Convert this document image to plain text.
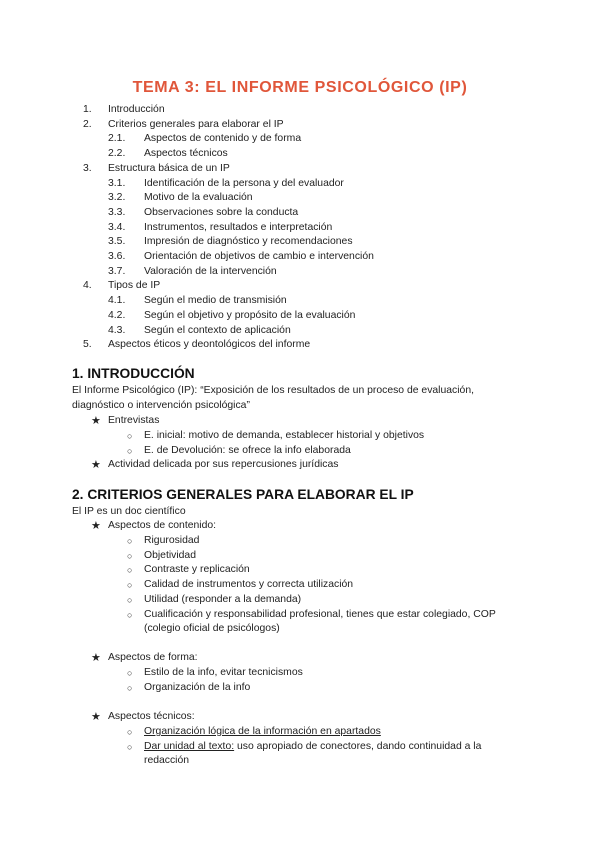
TEMA 3: EL INFORME PSICOLÓGICO (IP)
1. Introducción
2. Criterios generales para elaborar el IP
2.1. Aspectos de contenido y de forma
2.2. Aspectos técnicos
3. Estructura básica de un IP
3.1. Identificación de la persona y del evaluador
3.2. Motivo de la evaluación
3.3. Observaciones sobre la conducta
3.4. Instrumentos, resultados e interpretación
3.5. Impresión de diagnóstico y recomendaciones
3.6. Orientación de objetivos de cambio e intervención
3.7. Valoración de la intervención
4. Tipos de IP
4.1. Según el medio de transmisión
4.2. Según el objetivo y propósito de la evaluación
4.3. Según el contexto de aplicación
5. Aspectos éticos y deontológicos del informe
1. INTRODUCCIÓN
El Informe Psicológico (IP): “Exposición de los resultados de un proceso de evaluación,
diagnóstico o intervención psicológica”
★ Entrevistas
○ E. inicial: motivo de demanda, establecer historial y objetivos
○ E. de Devolución: se ofrece la info elaborada
★ Actividad delicada por sus repercusiones jurídicas
2. CRITERIOS GENERALES PARA ELABORAR EL IP
El IP es un doc científico
★ Aspectos de contenido:
○ Rigurosidad
○ Objetividad
○ Contraste y replicación
○ Calidad de instrumentos y correcta utilización
○ Utilidad (responder a la demanda)
○ Cualificación y responsabilidad profesional, tienes que estar colegiado, COP
(colegio oficial de psicólogos)
★ Aspectos de forma:
○ Estilo de la info, evitar tecnicismos
○ Organización de la info
★ Aspectos técnicos:
○ Organización lógica de la información en apartados
○ Dar unidad al texto: uso apropiado de conectores, dando continuidad a la
redacción
